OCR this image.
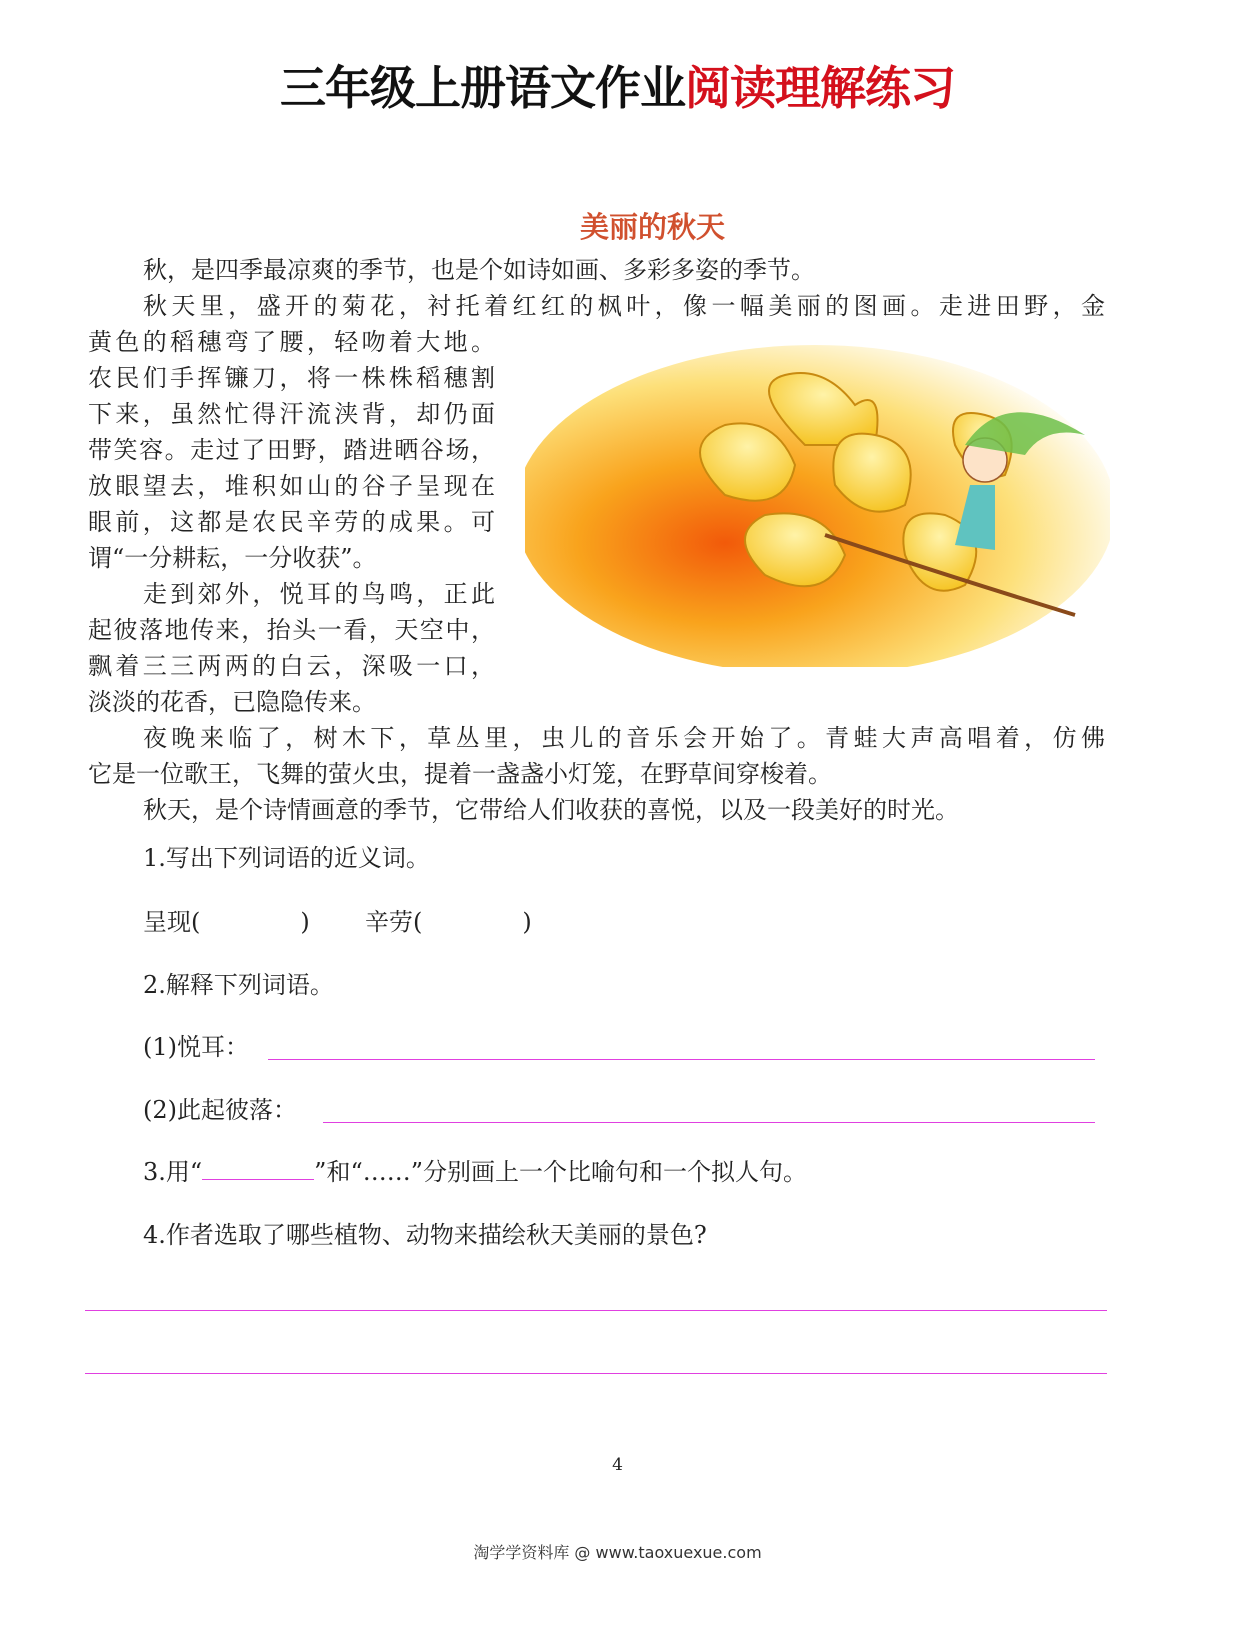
三年级上册语文作业阅读理解练习
美丽的秋天
秋，是四季最凉爽的季节，也是个如诗如画、多彩多姿的季节。
秋天里，盛开的菊花，衬托着红红的枫叶，像一幅美丽的图画。走进田野，金
黄色的稻穗弯了腰，轻吻着大地。
农民们手挥镰刀，将一株株稻穗割
下来，虽然忙得汗流浃背，却仍面
带笑容。走过了田野，踏进晒谷场，
放眼望去，堆积如山的谷子呈现在
眼前，这都是农民辛劳的成果。可
谓“一分耕耘，一分收获”。
走到郊外，悦耳的鸟鸣，正此
起彼落地传来，抬头一看，天空中，
飘着三三两两的白云，深吸一口，
淡淡的花香，已隐隐传来。
夜晚来临了，树木下，草丛里，虫儿的音乐会开始了。青蛙大声高唱着，仿佛
它是一位歌王，飞舞的萤火虫，提着一盏盏小灯笼，在野草间穿梭着。
秋天，是个诗情画意的季节，它带给人们收获的喜悦，以及一段美好的时光。
1.写出下列词语的近义词。
呈现(	) 辛劳(	)
2.解释下列词语。
(1)悦耳：
(2)此起彼落：
3.用“	”和“……”分别画上一个比喻句和一个拟人句。
4.作者选取了哪些植物、动物来描绘秋天美丽的景色?
4
淘学学资料库 @ www.taoxuexue.com
